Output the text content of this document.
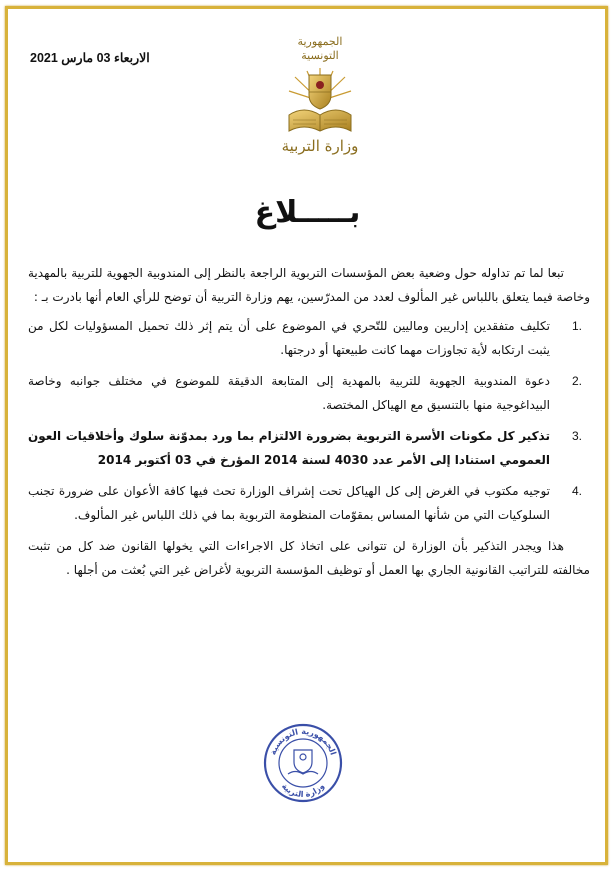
الاربعاء 03 مارس 2021
الجمهورية التونسية
وزارة التربية
بـــــلاغ

تبعا لما تم تداوله حول وضعية بعض المؤسسات التربوية الراجعة بالنظر إلى المندوبية الجهوية للتربية بالمهدية وخاصة فيما يتعلق باللباس غير المألوف لعدد من المدرّسين، يهم وزارة التربية أن توضح للرأي العام أنها بادرت بـ :

.1
تكليف متفقدين إداريين وماليين للتّحري في الموضوع على أن يتم إثر ذلك تحميل المسؤوليات لكل من يثبت ارتكابه لأية تجاوزات مهما كانت طبيعتها أو درجتها.
.2
دعوة المندوبية الجهوية للتربية بالمهدية إلى المتابعة الدقيقة للموضوع في مختلف جوانبه وخاصة البيداغوجية منها بالتنسيق مع الهياكل المختصة.
.3
تذكير كل مكونات الأسرة التربوية بضرورة الالتزام بما ورد بمدوّنة سلوك وأخلاقيات العون العمومي استنادا إلى الأمر عدد 4030 لسنة 2014 المؤرخ في 03 أكتوبر 2014
.4
توجيه مكتوب في الغرض إلى كل الهياكل تحت إشراف الوزارة تحث فيها كافة الأعوان على ضرورة تجنب السلوكيات التي من شأنها المساس بمقوّمات المنظومة التربوية بما في ذلك اللباس غير المألوف.

هذا ويجدر التذكير بأن الوزارة لن تتوانى على اتخاذ كل الاجراءات التي يخولها القانون ضد كل من تثبت مخالفته للتراتيب القانونية الجاري بها العمل أو توظيف المؤسسة التربوية لأغراض غير التي بُعثت من أجلها .

الجمهورية التونسية
وزارة التربية
